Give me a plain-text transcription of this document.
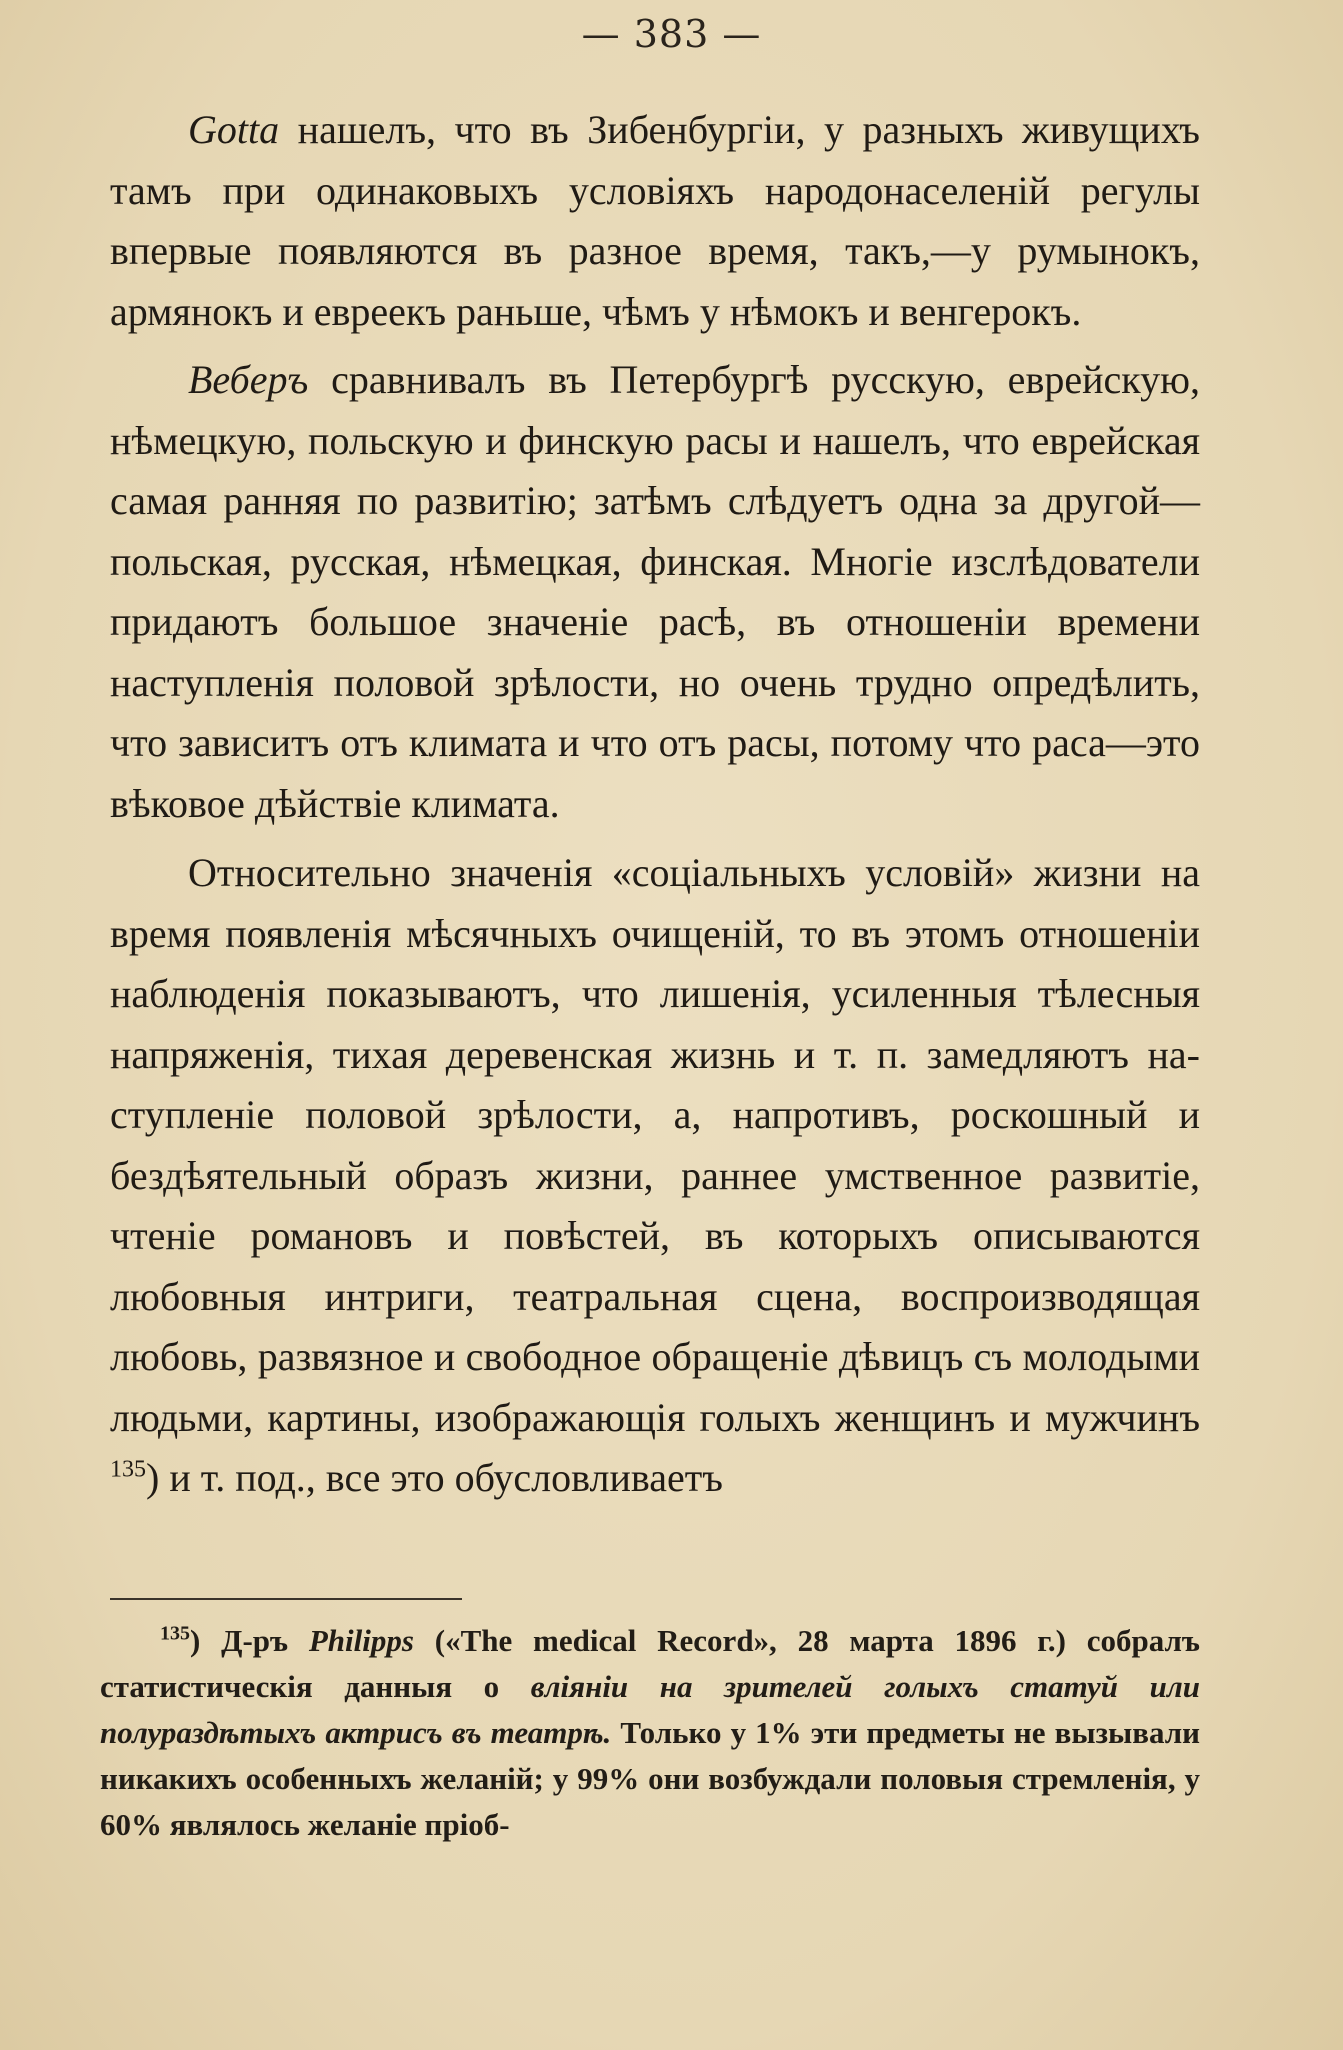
— 383 —

Gotta нашелъ, что въ Зибенбургіи, у разныхъ живущихъ тамъ при одинаковыхъ условіяхъ народонаселеній регулы впервые появляются въ разное время, такъ,—у румынокъ, армянокъ и евреекъ раньше, чѣмъ у нѣмокъ и венгерокъ.

Веберъ сравнивалъ въ Петербургѣ русскую, еврейскую, нѣмецкую, польскую и финскую расы и нашелъ, что еврейская самая ранняя по развитію; затѣмъ слѣдуетъ одна за другой—польская, русская, нѣмецкая, финская. Многіе изслѣдователи придаютъ большое значеніе расѣ, въ отношеніи времени наступленія половой зрѣлости, но очень трудно опредѣлить, что зависитъ отъ климата и что отъ расы, потому что раса—это вѣковое дѣйствіе климата.

Относительно значенія «соціальныхъ условій» жизни на время появленія мѣсячныхъ очищеній, то въ этомъ отношеніи наблюденія показываютъ, что лишенія, усиленныя тѣлесныя напряженія, тихая деревенская жизнь и т. п. замедляютъ наступленіе половой зрѣлости, а, напротивъ, роскошный и бездѣятельный образъ жизни, раннее умственное развитіе, чтеніе романовъ и повѣстей, въ которыхъ описываются любовныя интриги, театральная сцена, воспроизводящая любовь, развязное и свободное обращеніе дѣвицъ съ молодыми людьми, картины, изображающія голыхъ женщинъ и мужчинъ $^{135}$) и т. под., все это обусловливаетъ

$^{135}$) Д-ръ Philipps («The medical Record», 28 марта 1896 г.) собралъ статистическія данныя о вліяніи на зрителей голыхъ статуй или полураздѣтыхъ актрисъ въ театрѣ. Только у 1% эти предметы не вызывали никакихъ особенныхъ желаній; у 99% они возбуждали половыя стремленія, у 60% являлось желаніе пріоб-
